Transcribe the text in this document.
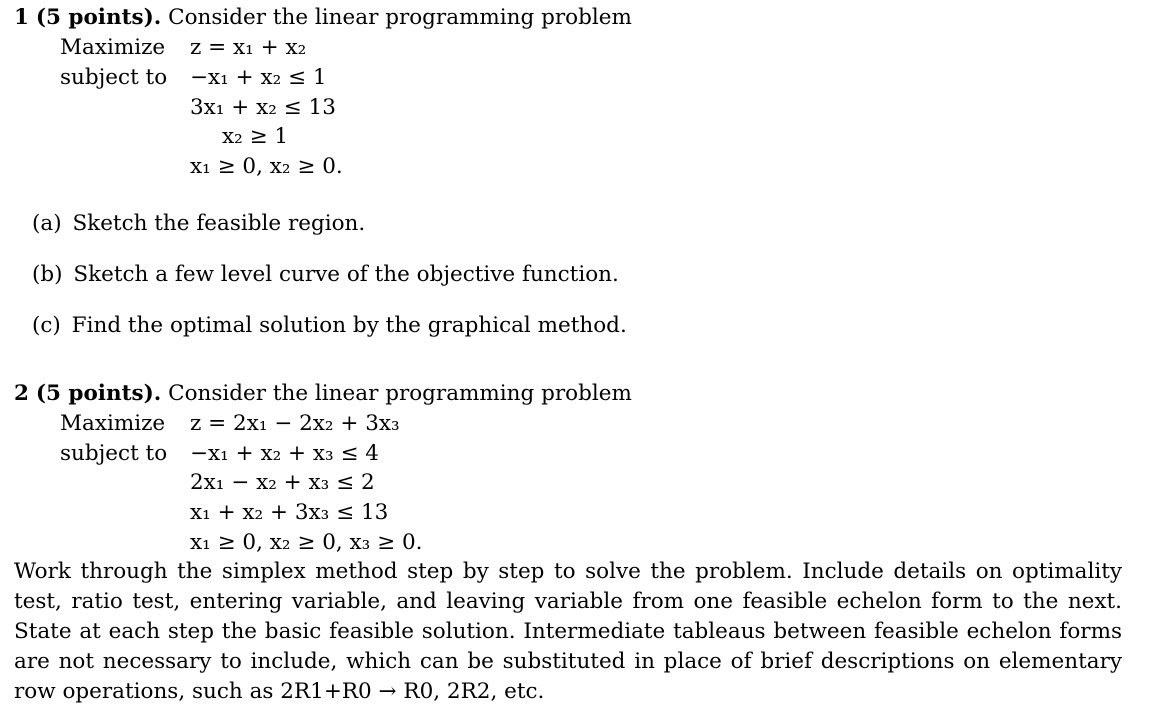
1 (5 points). Consider the linear programming problem
Maximize z = x₁ + x₂
subject to −x₁ + x₂ ≤ 1
3x₁ + x₂ ≤ 13
x₂ ≥ 1
x₁ ≥ 0, x₂ ≥ 0.
(a) Sketch the feasible region.
(b) Sketch a few level curve of the objective function.
(c) Find the optimal solution by the graphical method.
2 (5 points). Consider the linear programming problem
Maximize z = 2x₁ − 2x₂ + 3x₃
subject to −x₁ + x₂ + x₃ ≤ 4
2x₁ − x₂ + x₃ ≤ 2
x₁ + x₂ + 3x₃ ≤ 13
x₁ ≥ 0, x₂ ≥ 0, x₃ ≥ 0.
Work through the simplex method step by step to solve the problem. Include details on optimality test, ratio test, entering variable, and leaving variable from one feasible echelon form to the next. State at each step the basic feasible solution. Intermediate tableaus between feasible echelon forms are not necessary to include, which can be substituted in place of brief descriptions on elementary row operations, such as 2R1+R0 → R0, 2R2, etc.
